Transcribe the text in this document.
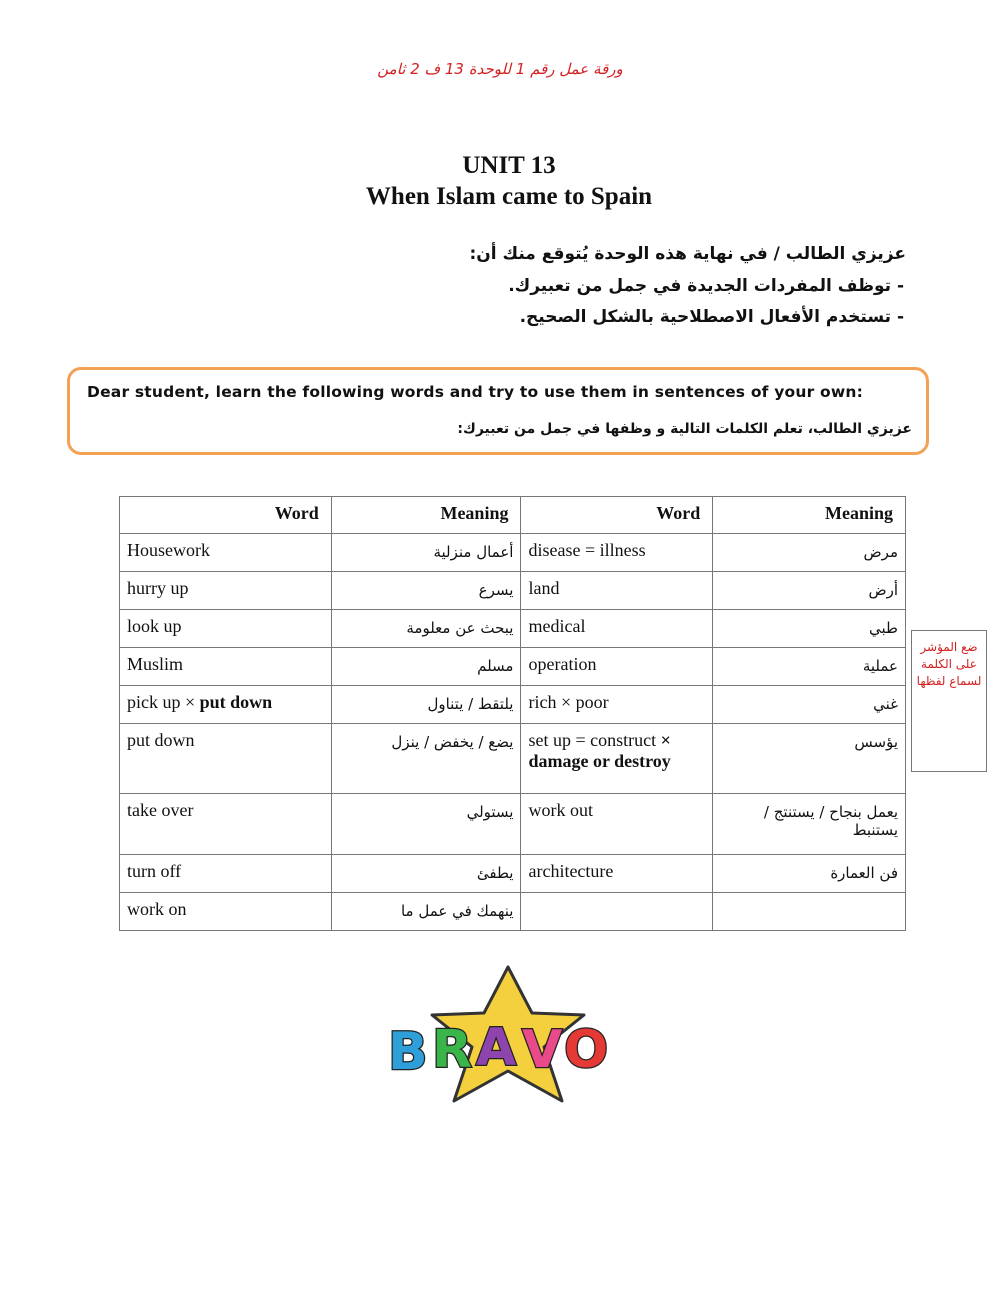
ورقة عمل رقم 1 للوحدة 13 ف 2 ثامن
UNIT 13
When Islam came to Spain
عزيزي الطالب / في نهاية هذه الوحدة يُتوقع منك أن:
- توظف المفردات الجديدة في جمل من تعبيرك.
- تستخدم الأفعال الاصطلاحية بالشكل الصحيح.
Dear student, learn the following words and try to use them in sentences of your own:
عزيزي الطالب، تعلم الكلمات التالية و وظفها في جمل من تعبيرك:
Word	Meaning	Word	Meaning
Housework	أعمال منزلية	disease = illness	مرض
hurry up	يسرع	land	أرض
look up	يبحث عن معلومة	medical	طبي
Muslim	مسلم	operation	عملية
pick up × put down	يلتقط / يتناول	rich × poor	غني
put down	يضع / يخفض / ينزل	set up = construct × damage or destroy	يؤسس
take over	يستولي	work out	يعمل بنجاح / يستنتج / يستنبط
turn off	يطفئ	architecture	فن العمارة
work on	ينهمك في عمل ما		
ضع المؤشر على الكلمة لسماع لفظها
B R A V O
